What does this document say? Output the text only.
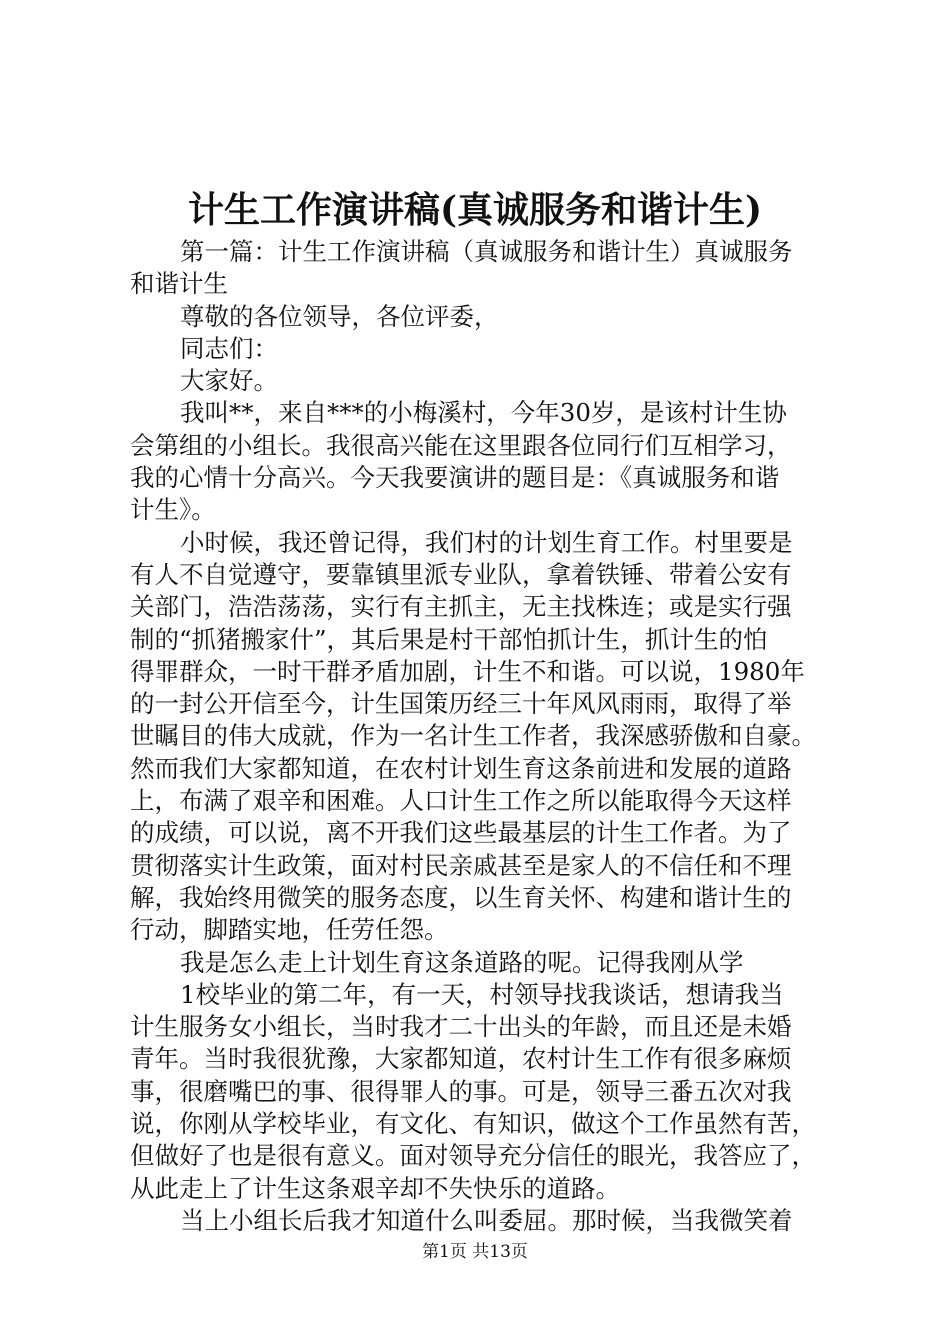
计生工作演讲稿(真诚服务和谐计生)
第一篇：计生工作演讲稿（真诚服务和谐计生）真诚服务
和谐计生
尊敬的各位领导，各位评委，
同志们：
大家好。
我叫**，来自***的小梅溪村，今年30岁，是该村计生协
会第组的小组长。我很高兴能在这里跟各位同行们互相学习，
我的心情十分高兴。今天我要演讲的题目是：《真诚服务和谐
计生》。
小时候，我还曾记得，我们村的计划生育工作。村里要是
有人不自觉遵守，要靠镇里派专业队，拿着铁锤、带着公安有
关部门，浩浩荡荡，实行有主抓主，无主找株连；或是实行强
制的“抓猪搬家什”，其后果是村干部怕抓计生，抓计生的怕
得罪群众，一时干群矛盾加剧，计生不和谐。可以说，1980年
的一封公开信至今，计生国策历经三十年风风雨雨，取得了举
世瞩目的伟大成就，作为一名计生工作者，我深感骄傲和自豪。
然而我们大家都知道，在农村计划生育这条前进和发展的道路
上，布满了艰辛和困难。人口计生工作之所以能取得今天这样
的成绩，可以说，离不开我们这些最基层的计生工作者。为了
贯彻落实计生政策，面对村民亲戚甚至是家人的不信任和不理
解，我始终用微笑的服务态度，以生育关怀、构建和谐计生的
行动，脚踏实地，任劳任怨。
我是怎么走上计划生育这条道路的呢。记得我刚从学
1校毕业的第二年，有一天，村领导找我谈话，想请我当
计生服务女小组长，当时我才二十出头的年龄，而且还是未婚
青年。当时我很犹豫，大家都知道，农村计生工作有很多麻烦
事，很磨嘴巴的事、很得罪人的事。可是，领导三番五次对我
说，你刚从学校毕业，有文化、有知识，做这个工作虽然有苦，
但做好了也是很有意义。面对领导充分信任的眼光，我答应了，
从此走上了计生这条艰辛却不失快乐的道路。
当上小组长后我才知道什么叫委屈。那时候，当我微笑着
第1页 共13页
